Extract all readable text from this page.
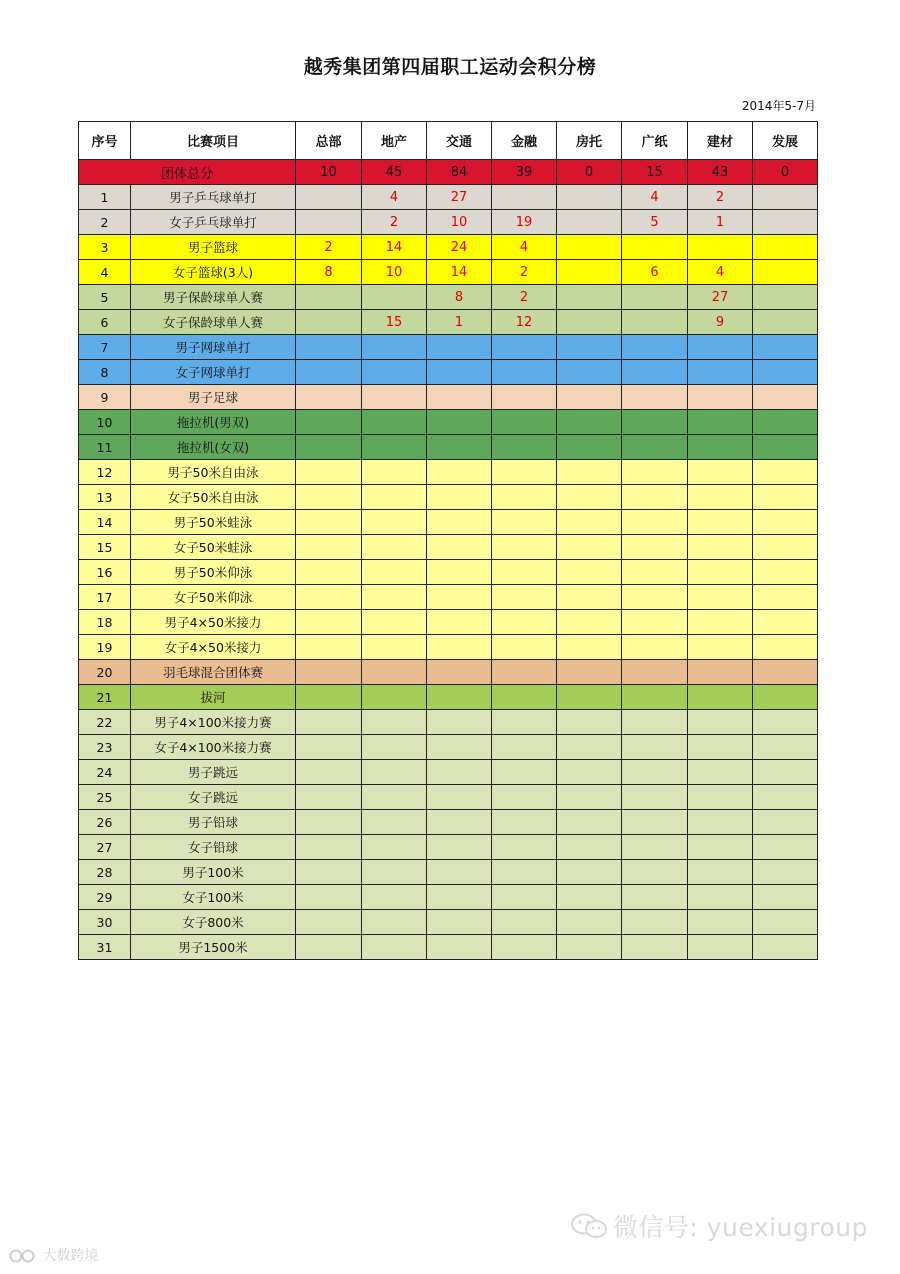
越秀集团第四届职工运动会积分榜
2014年5-7月
序号	比赛项目	总部	地产	交通	金融	房托	广纸	建材	发展
团体总分		10	45	84	39	0	15	43	0
1	男子乒乓球单打		4	27			4	2	
2	女子乒乓球单打		2	10	19		5	1	
3	男子篮球	2	14	24	4				
4	女子篮球(3人)	8	10	14	2		6	4	
5	男子保龄球单人赛			8	2			27	
6	女子保龄球单人赛		15	1	12			9	
7	男子网球单打								
8	女子网球单打								
9	男子足球								
10	拖拉机(男双)								
11	拖拉机(女双)								
12	男子50米自由泳								
13	女子50米自由泳								
14	男子50米蛙泳								
15	女子50米蛙泳								
16	男子50米仰泳								
17	女子50米仰泳								
18	男子4×50米接力								
19	女子4×50米接力								
20	羽毛球混合团体赛								
21	拔河								
22	男子4×100米接力赛								
23	女子4×100米接力赛								
24	男子跳远								
25	女子跳远								
26	男子铅球								
27	女子铅球								
28	男子100米								
29	女子100米								
30	女子800米								
31	男子1500米								
微信号: yuexiugroup
大数跨境
